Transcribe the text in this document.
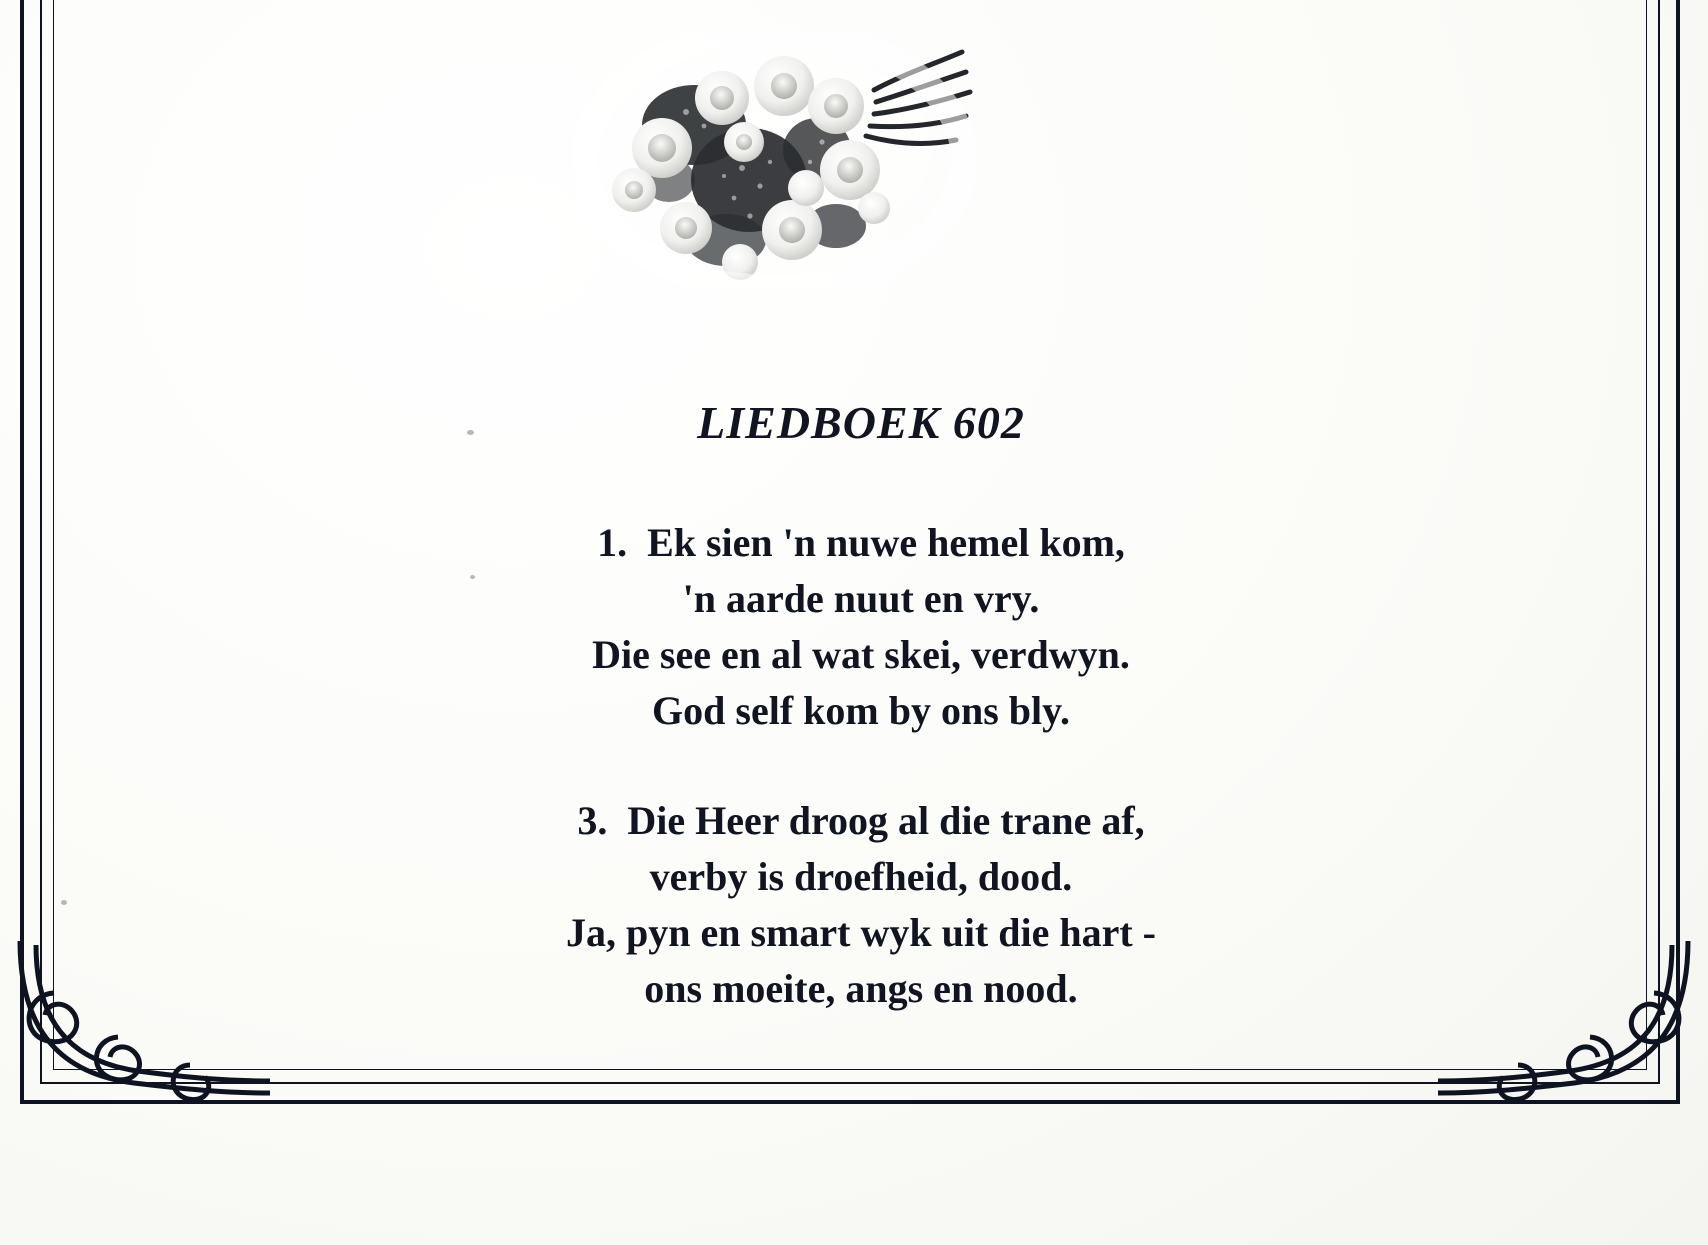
LIEDBOEK 602
1.  Ek sien 'n nuwe hemel kom,
'n aarde nuut en vry.
Die see en al wat skei, verdwyn.
God self kom by ons bly.
3.  Die Heer droog al die trane af,
verby is droefheid, dood.
Ja, pyn en smart wyk uit die hart -
ons moeite, angs en nood.
